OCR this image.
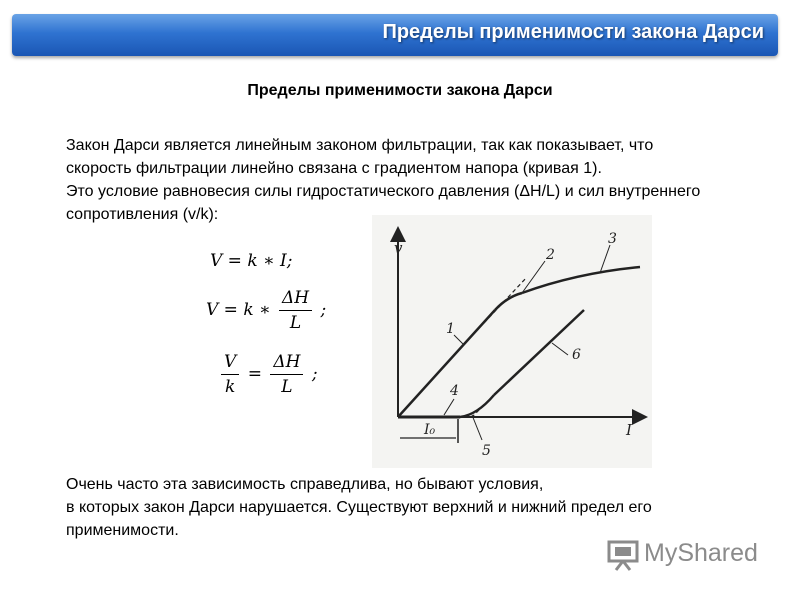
Пределы применимости закона Дарси
Пределы применимости закона Дарси
Закон Дарси является линейным законом фильтрации, так как показывает, что
скорость фильтрации линейно связана с градиентом напора (кривая 1).
Это условие равновесия силы гидростатического давления (ΔH/L) и сил внутреннего
сопротивления (v/k):
V = k ∗ I;
V = k ∗ $\frac{\Delta H}{L}$ ;
$\frac{V}{k} = \frac{\Delta H}{L}$ ;
v
I
I₀
1
2
3
4
5
6
Очень часто эта зависимость справедлива, но бывают условия,
в которых закон Дарси нарушается. Существуют верхний и нижний предел его
применимости.
MyShared
